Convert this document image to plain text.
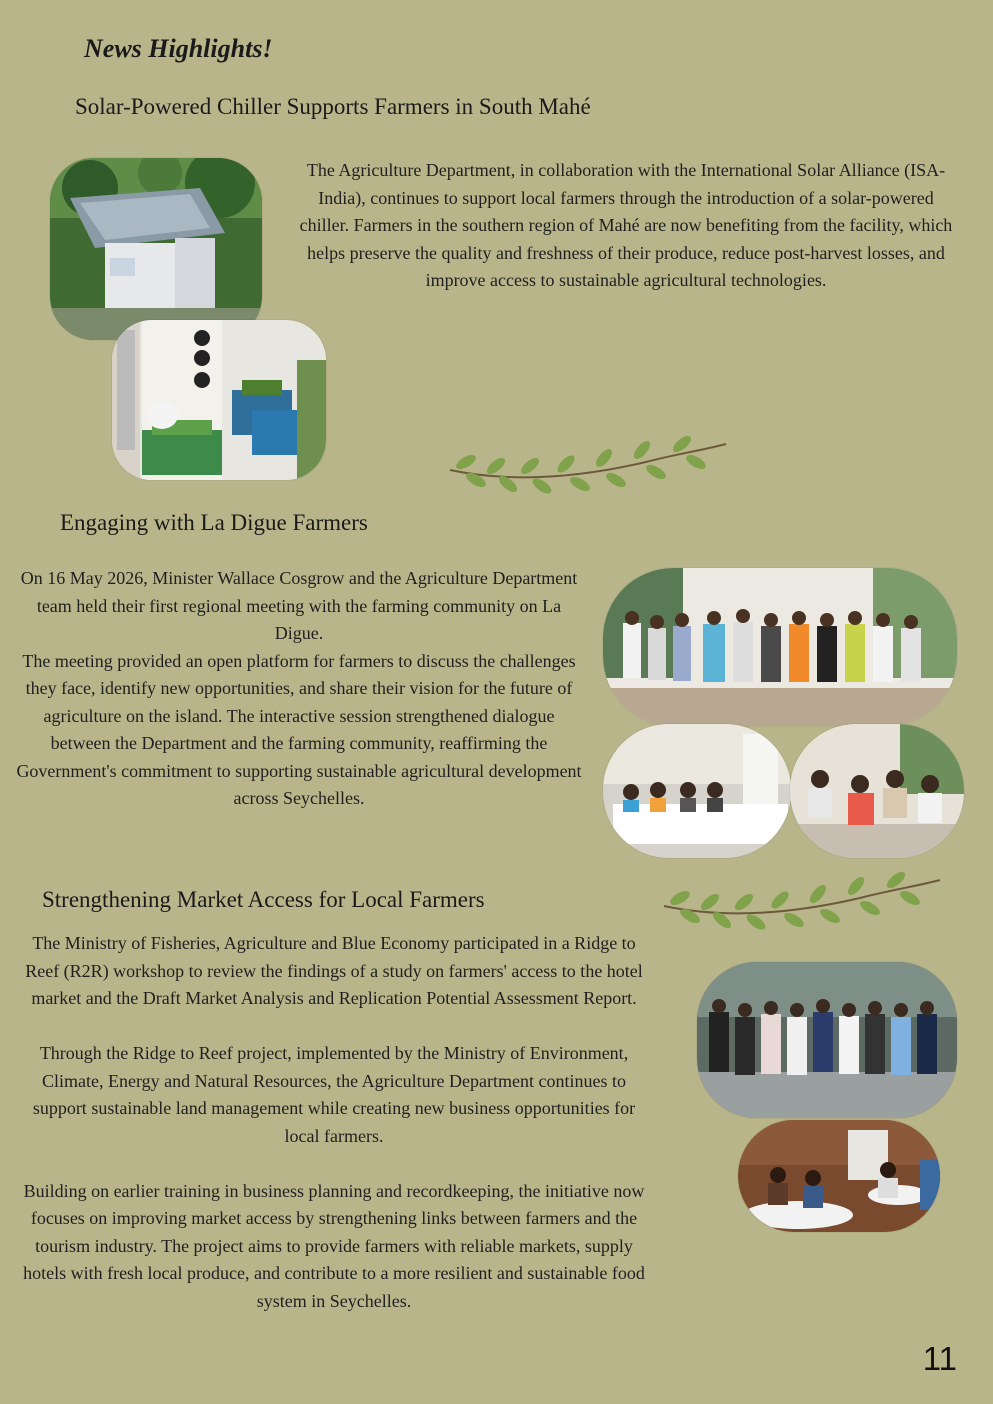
News Highlights!
Solar-Powered Chiller Supports Farmers in South Mahé

The Agriculture Department, in collaboration with the International Solar Alliance (ISA-India), continues to support local farmers through the introduction of a solar-powered chiller. Farmers in the southern region of Mahé are now benefiting from the facility, which helps preserve the quality and freshness of their produce, reduce post-harvest losses, and improve access to sustainable agricultural technologies.

Engaging with La Digue Farmers

On 16 May 2026, Minister Wallace Cosgrow and the Agriculture Department team held their first regional meeting with the farming community on La Digue.

The meeting provided an open platform for farmers to discuss the challenges they face, identify new opportunities, and share their vision for the future of agriculture on the island. The interactive session strengthened dialogue between the Department and the farming community, reaffirming the Government's commitment to supporting sustainable agricultural development across Seychelles.

Strengthening Market Access for Local Farmers

The Ministry of Fisheries, Agriculture and Blue Economy participated in a Ridge to Reef (R2R) workshop to review the findings of a study on farmers' access to the hotel market and the Draft Market Analysis and Replication Potential Assessment Report.

Through the Ridge to Reef project, implemented by the Ministry of Environment, Climate, Energy and Natural Resources, the Agriculture Department continues to support sustainable land management while creating new business opportunities for local farmers.

Building on earlier training in business planning and recordkeeping, the initiative now focuses on improving market access by strengthening links between farmers and the tourism industry. The project aims to provide farmers with reliable markets, supply hotels with fresh local produce, and contribute to a more resilient and sustainable food system in Seychelles.

11
